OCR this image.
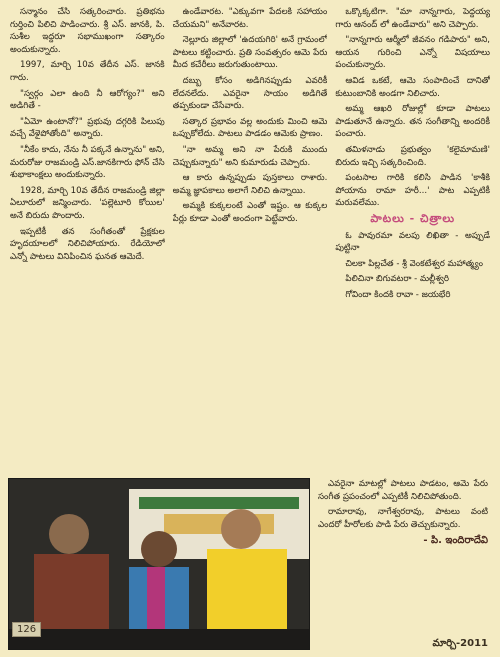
సన్మానం చేసి సత్కరించారు. ప్రతిభను గుర్తించి పిలిచి పాడించారు. శ్రీ ఎస్. జానకి, పి. సుశీల ఇద్దరూ సభాముఖంగా సత్కారం అందుకున్నారు.

1997, మార్చి 10వ తేదీన ఎస్. జానకి గారు.

"స్వర్గం ఎలా ఉంది నీ ఆరోగ్యం?" అని అడిగితే -

"ఏమో ఉంటానో?" ప్రభువు దగ్గరికి పిలుపు వచ్చే వేళైపోతోంది" అన్నారు.

"నీకేం కాదు, నేను నీ పక్కనే ఉన్నాను" అని, మరురోజు రాజమండ్రి ఎస్.జానకిగారు ఫోన్ చేసి శుభాకాంక్షలు అందుకున్నారు.

1928, మార్చి 10వ తేదీన రాజమండ్రి జిల్లా ఏలూరులో జన్మించారు. 'పల్లెటూరి కోయిల' అనే బిరుదు పొందారు.

ఇప్పటికీ తన సంగీతంతో ప్రేక్షకుల హృదయాలలో నిలిచిపోయారు. రేడియోలో ఎన్నో పాటలు వినిపించిన ఘనత ఆమెదే.

ఉండేవారట. "ఎక్కువగా పేదలకి సహాయం చేయమని" అనేవారట.

నెల్లూరు జిల్లాలో 'ఉదయగిరి' అనే గ్రామంలో పాటలు కట్టించారు. ప్రతి సంవత్సరం ఆమె పేరు మీద కచేరీలు జరుగుతుంటాయి.

దబ్బు కోసం అడిగినప్పుడు ఎవరికీ లేదనలేదు. ఎవరైనా సాయం అడిగితే తప్పకుండా చేసేవారు.

సత్కార ప్రభావం వల్ల అందుకు మించి ఆమె ఒప్పుకోలేదు. పాటలు పాడడం ఆమెకు ప్రాణం.

"నా అమ్మ అని నా పేరుకి ముందు చెప్పుకున్నారు" అని కుమారుడు చెప్పారు.

ఆ కారు ఉన్నప్పుడు పుస్తకాలు రాశారు. అమ్మ జ్ఞాపకాలు అలాగే నిలిచి ఉన్నాయి.

అమ్మకి కుక్కలంటే ఎంతో ఇష్టం. ఆ కుక్కల పేర్లు కూడా ఎంతో అందంగా పెట్టేవారు.

ఒక్కొక్కటిగా. "మా నాన్నగారు, పెద్దయ్య గారు ఆనంద్ లో ఉండేవారు" అని చెప్పారు.

"నాన్నగారు ఆర్మీలో జీవనం గడిపారు" అని, ఆయన గురించి ఎన్నో విషయాలు పంచుకున్నారు.

ఆవిడ ఒకటే, ఆమె సంపాదించే దానితో కుటుంబానికి అండగా నిలిచారు.

అమ్మ ఆఖరి రోజుల్లో కూడా పాటలు పాడుతూనే ఉన్నారు. తన సంగీతాన్ని అందరికీ పంచారు.

తమిళనాడు ప్రభుత్వం 'కలైమామణి' బిరుదు ఇచ్చి సత్కరించింది.

పంటసాల గారికి కలిసి పాడిన 'కాశీకి పోయాను రామా హరీ...' పాట ఎప్పటికీ మరువలేము.

పాటలు - చిత్రాలు

ఓ పావురమా వలపు లిఖితా - అప్పుడే పుట్టినా

చిలకా పిల్లచేత - శ్రీ వెంకటేశ్వర మహాత్మ్యం

పిలిచినా బిగువటరా - మల్లీశ్వరి

గోవిందా కిందకి రావా - జయభేరి

ఎవరైనా మాటల్లో పాటలు పాడటం, ఆమె పేరు సంగీత ప్రపంచంలో ఎప్పటికీ నిలిచిపోతుంది.

రామారావు, నాగేశ్వరరావు, పాటలు వంటి ఎందరో హీరోలకు పాడి పేరు తెచ్చుకున్నారు.

- పి. ఇందిరాదేవి
126
మార్చి-2011
